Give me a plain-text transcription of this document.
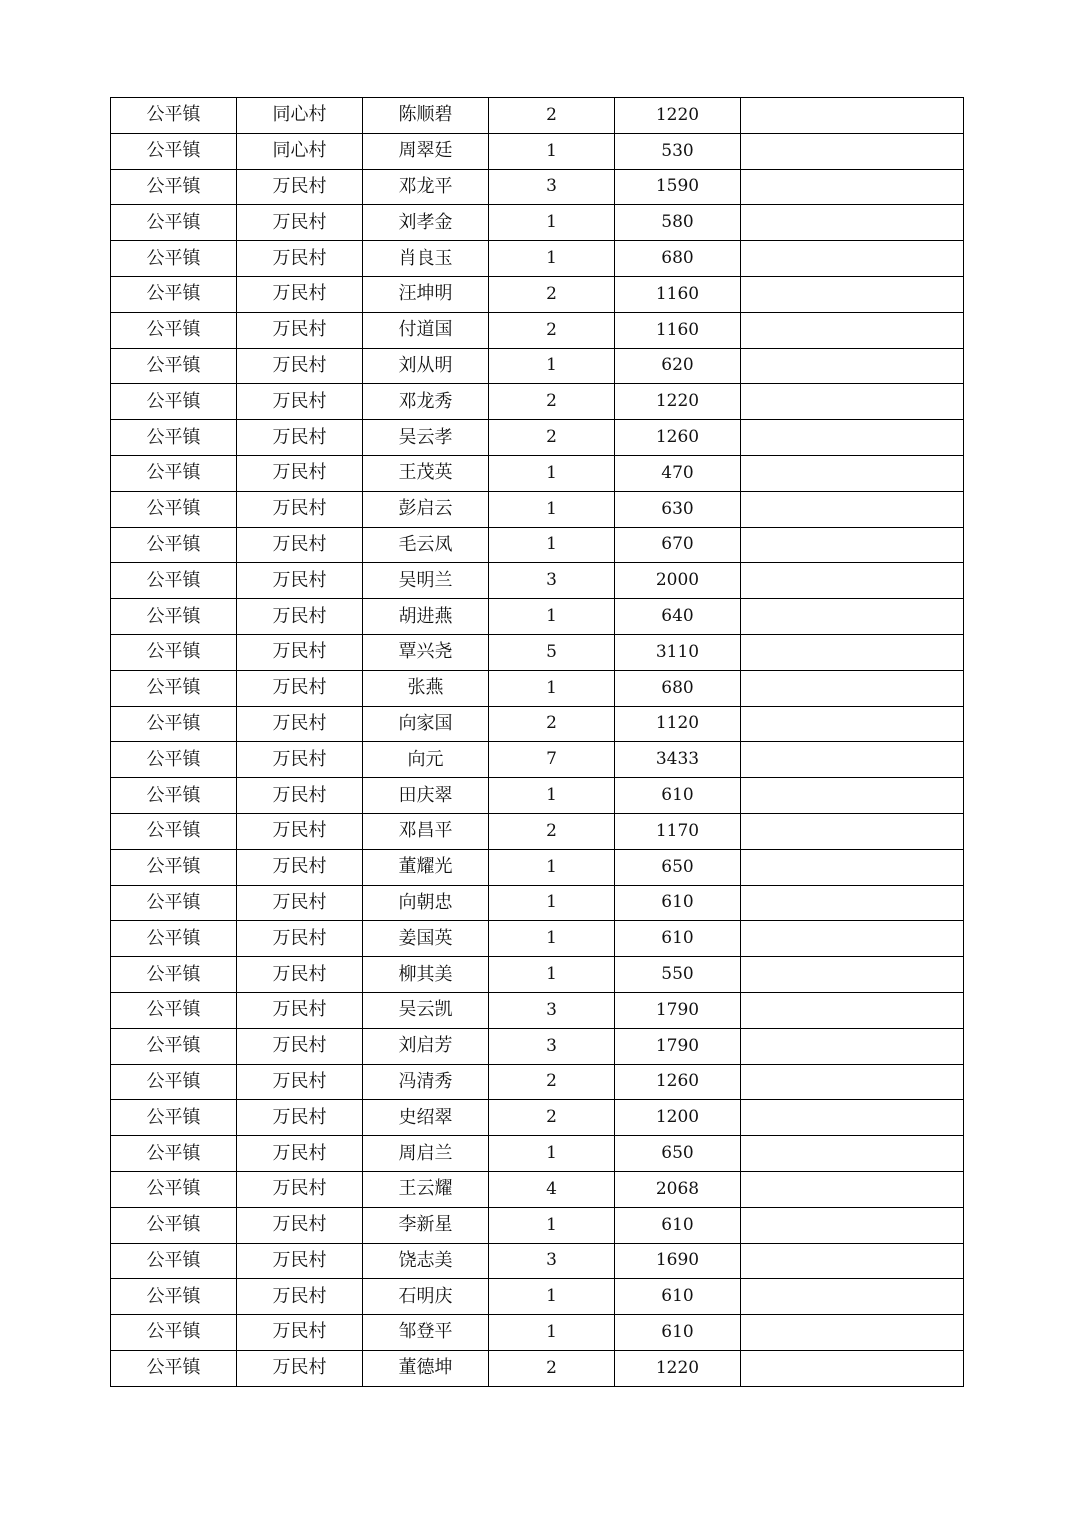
公平镇	同心村	陈顺碧	2	1220	
公平镇	同心村	周翠廷	1	530	
公平镇	万民村	邓龙平	3	1590	
公平镇	万民村	刘孝金	1	580	
公平镇	万民村	肖良玉	1	680	
公平镇	万民村	汪坤明	2	1160	
公平镇	万民村	付道国	2	1160	
公平镇	万民村	刘从明	1	620	
公平镇	万民村	邓龙秀	2	1220	
公平镇	万民村	吴云孝	2	1260	
公平镇	万民村	王茂英	1	470	
公平镇	万民村	彭启云	1	630	
公平镇	万民村	毛云凤	1	670	
公平镇	万民村	吴明兰	3	2000	
公平镇	万民村	胡进燕	1	640	
公平镇	万民村	覃兴尧	5	3110	
公平镇	万民村	张燕	1	680	
公平镇	万民村	向家国	2	1120	
公平镇	万民村	向元	7	3433	
公平镇	万民村	田庆翠	1	610	
公平镇	万民村	邓昌平	2	1170	
公平镇	万民村	董耀光	1	650	
公平镇	万民村	向朝忠	1	610	
公平镇	万民村	姜国英	1	610	
公平镇	万民村	柳其美	1	550	
公平镇	万民村	吴云凯	3	1790	
公平镇	万民村	刘启芳	3	1790	
公平镇	万民村	冯清秀	2	1260	
公平镇	万民村	史绍翠	2	1200	
公平镇	万民村	周启兰	1	650	
公平镇	万民村	王云耀	4	2068	
公平镇	万民村	李新星	1	610	
公平镇	万民村	饶志美	3	1690	
公平镇	万民村	石明庆	1	610	
公平镇	万民村	邹登平	1	610	
公平镇	万民村	董德坤	2	1220	
